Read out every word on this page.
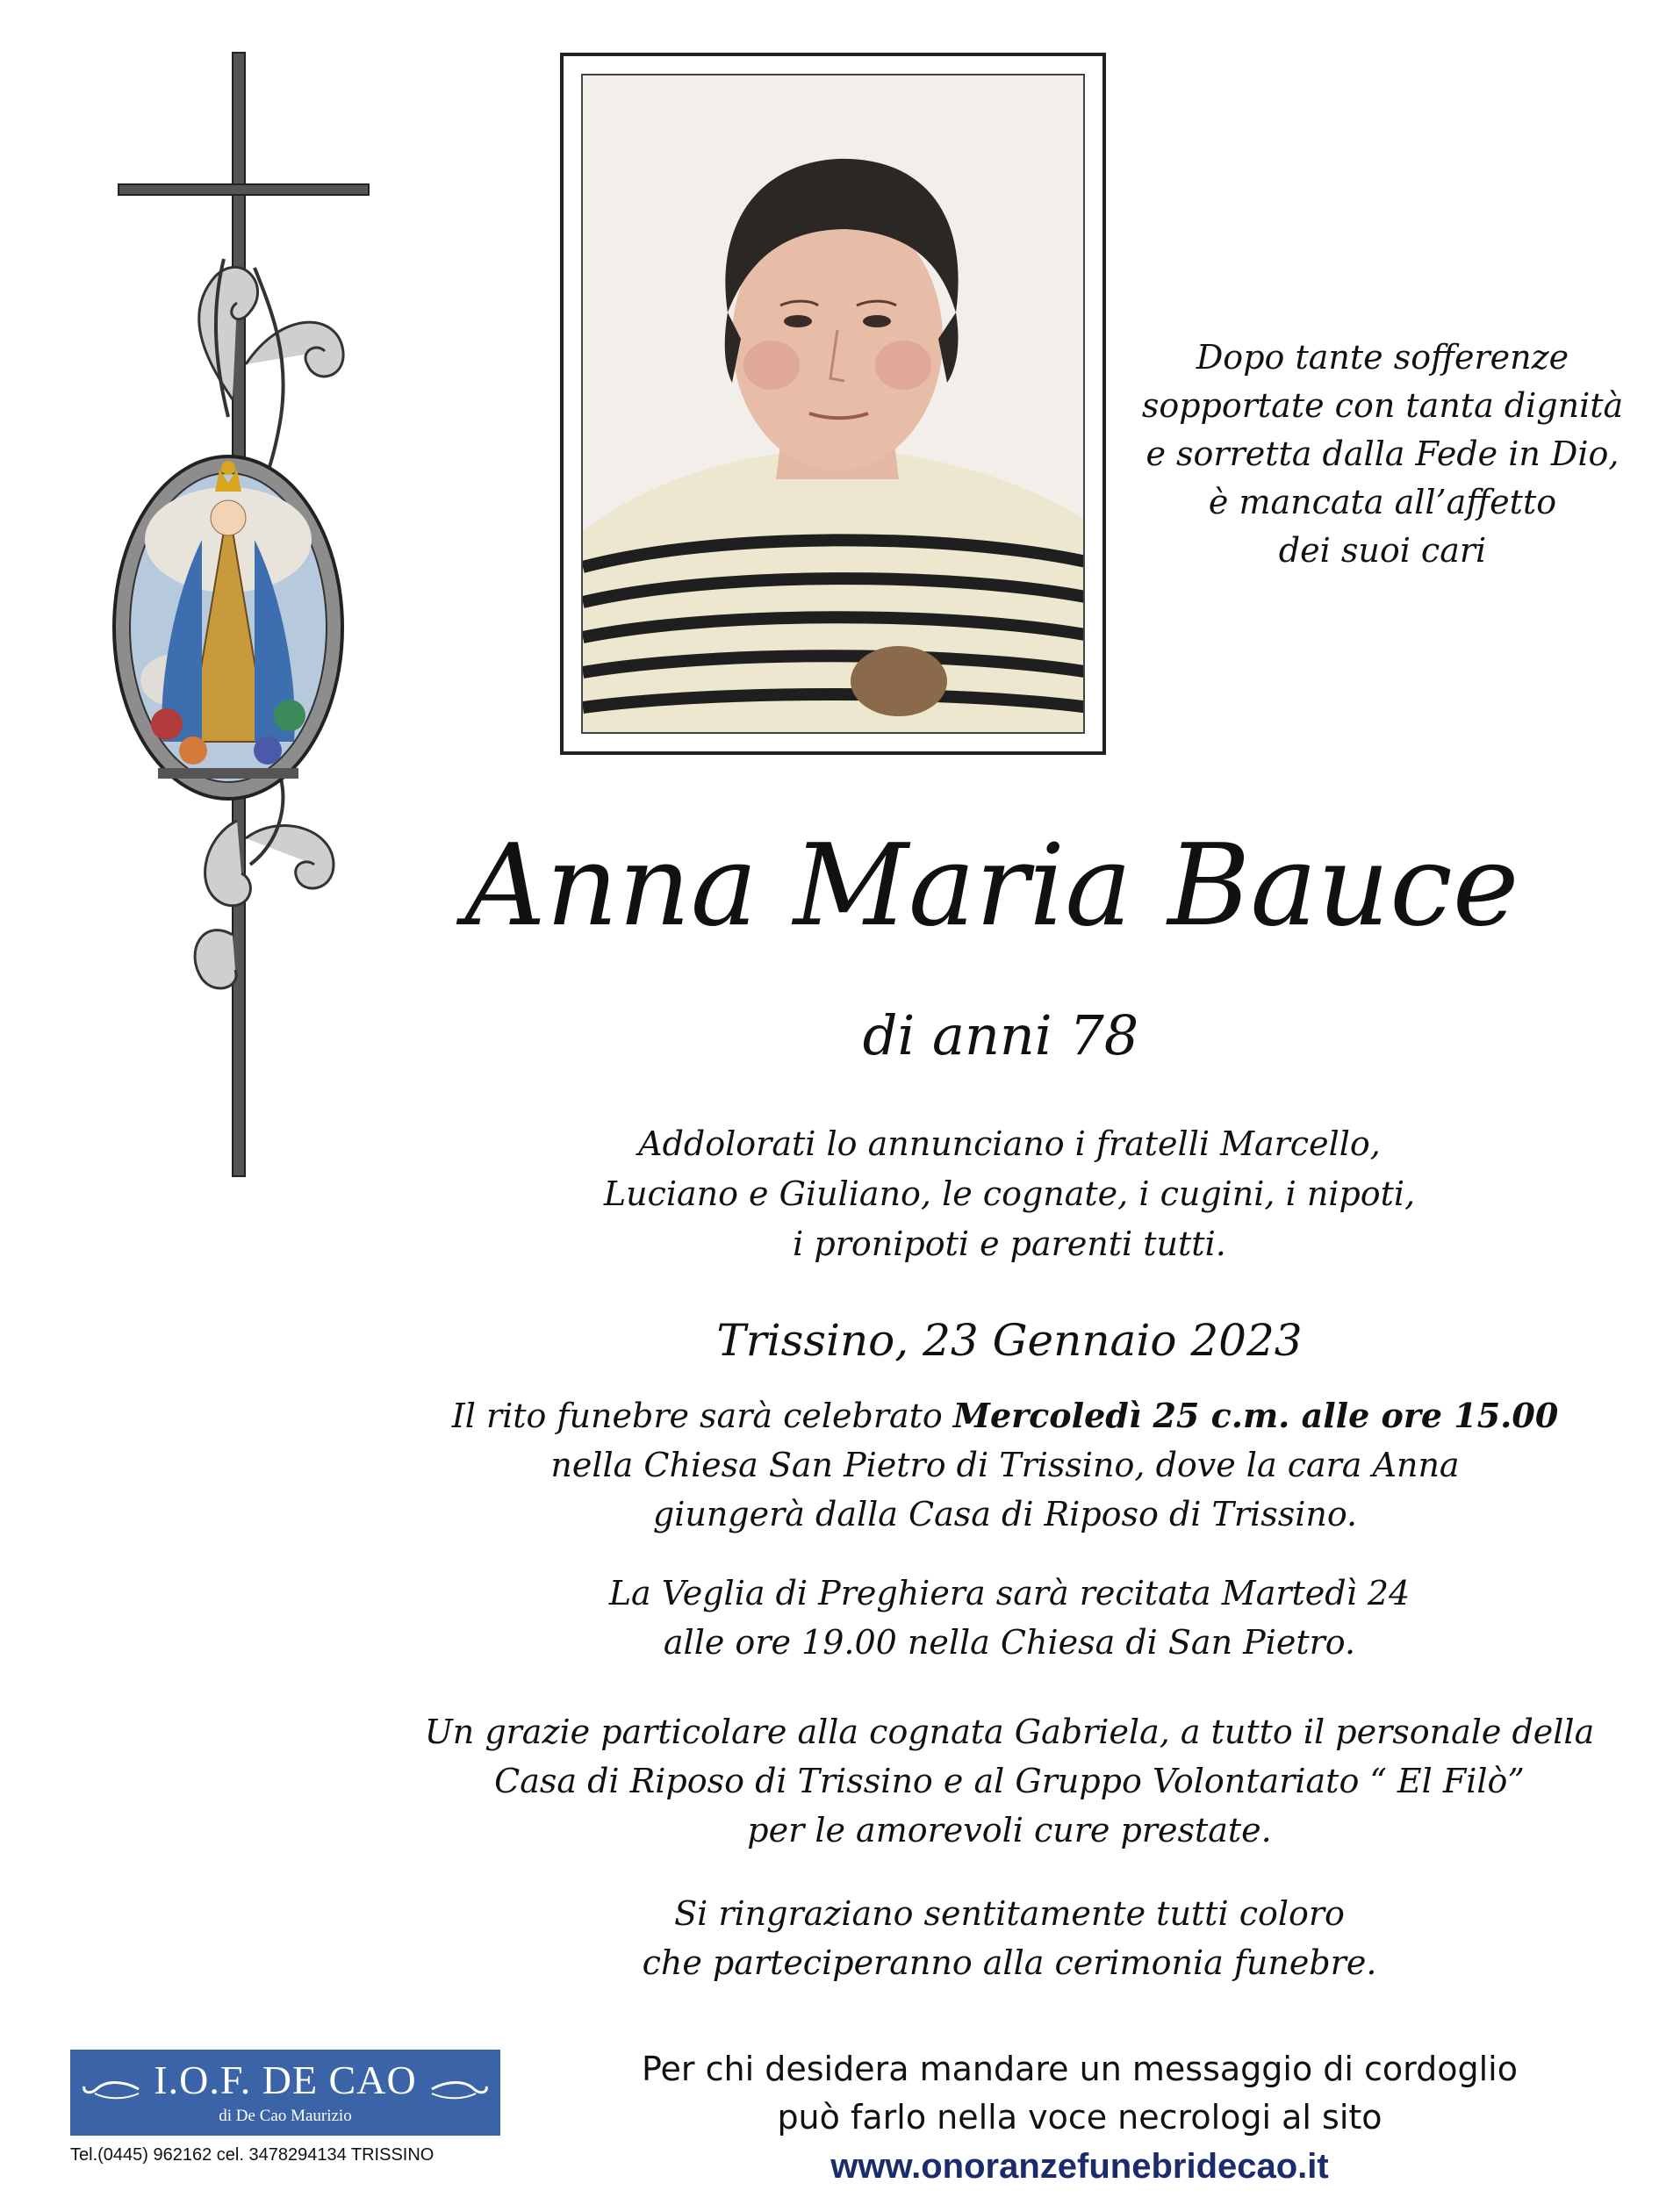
Dopo tante sofferenze
sopportate con tanta dignità
e sorretta dalla Fede in Dio,
è mancata all’affetto
dei suoi cari
Anna Maria Bauce
di anni 78
Addolorati lo annunciano i fratelli Marcello,
Luciano e Giuliano, le cognate, i cugini, i nipoti,
i pronipoti e parenti tutti.
Trissino, 23 Gennaio 2023
Il rito funebre sarà celebrato Mercoledì 25 c.m. alle ore 15.00
nella Chiesa San Pietro di Trissino, dove la cara Anna
giungerà dalla Casa di Riposo di Trissino.
La Veglia di Preghiera sarà recitata Martedì 24
alle ore 19.00 nella Chiesa di San Pietro.
Un grazie particolare alla cognata Gabriela, a tutto il personale della
Casa di Riposo di Trissino e al Gruppo Volontariato “ El Filò”
per le amorevoli cure prestate.
Si ringraziano sentitamente tutti coloro
che parteciperanno alla cerimonia funebre.
I.O.F. DE CAO
di De Cao Maurizio
Tel.(0445) 962162 cel. 3478294134 TRISSINO
Per chi desidera mandare un messaggio di cordoglio
può farlo nella voce necrologi al sito
www.onoranzefunebridecao.it
